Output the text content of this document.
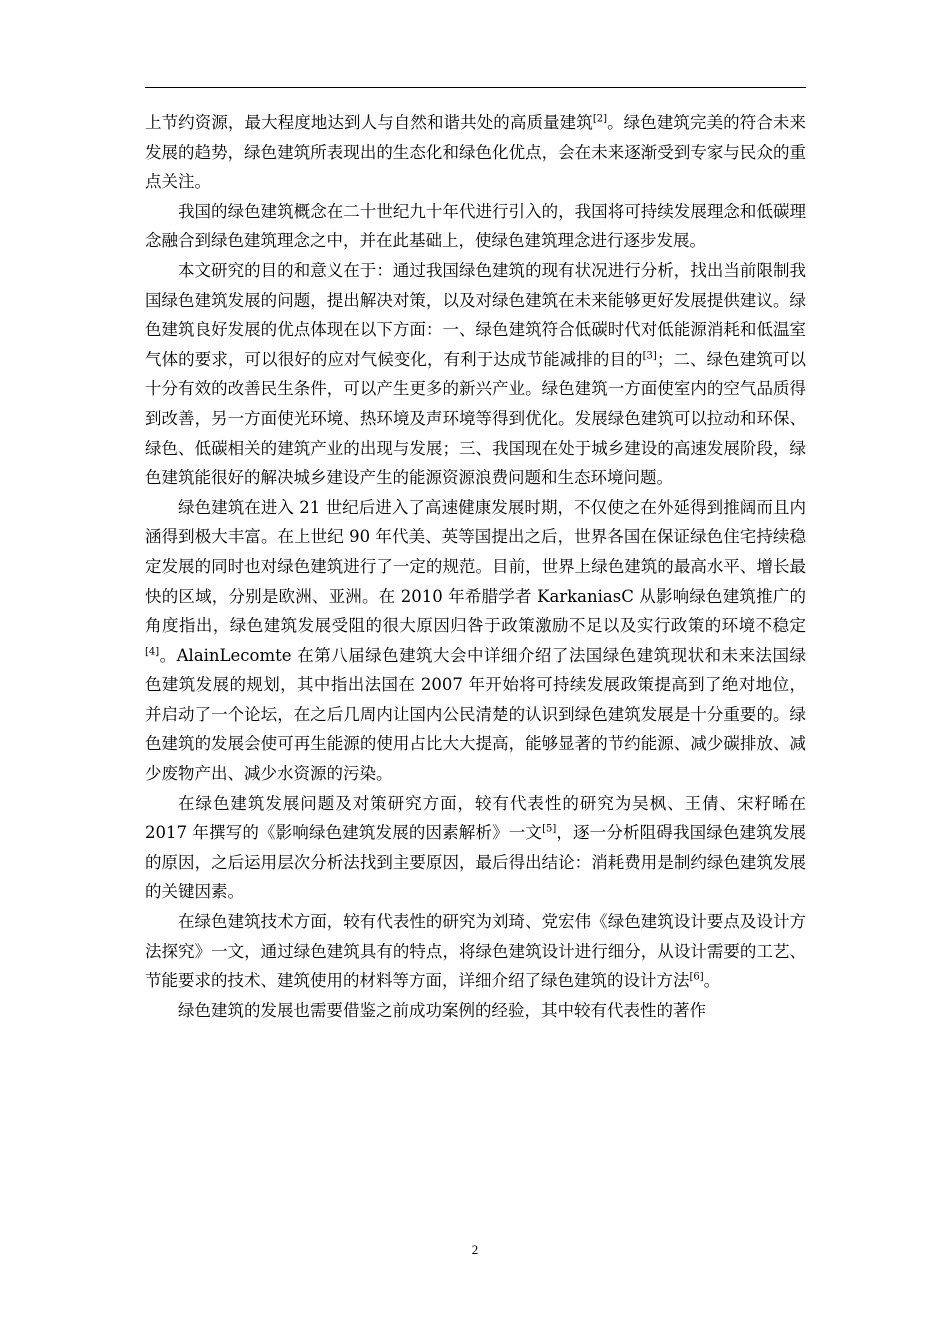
上节约资源，最大程度地达到人与自然和谐共处的高质量建筑[2]。绿色建筑完美的符合未来发展的趋势，绿色建筑所表现出的生态化和绿色化优点，会在未来逐渐受到专家与民众的重点关注。

我国的绿色建筑概念在二十世纪九十年代进行引入的，我国将可持续发展理念和低碳理念融合到绿色建筑理念之中，并在此基础上，使绿色建筑理念进行逐步发展。

本文研究的目的和意义在于：通过我国绿色建筑的现有状况进行分析，找出当前限制我国绿色建筑发展的问题，提出解决对策，以及对绿色建筑在未来能够更好发展提供建议。绿色建筑良好发展的优点体现在以下方面：一、绿色建筑符合低碳时代对低能源消耗和低温室气体的要求，可以很好的应对气候变化，有利于达成节能减排的目的[3]；二、绿色建筑可以十分有效的改善民生条件，可以产生更多的新兴产业。绿色建筑一方面使室内的空气品质得到改善，另一方面使光环境、热环境及声环境等得到优化。发展绿色建筑可以拉动和环保、绿色、低碳相关的建筑产业的出现与发展；三、我国现在处于城乡建设的高速发展阶段，绿色建筑能很好的解决城乡建设产生的能源资源浪费问题和生态环境问题。

绿色建筑在进入 21 世纪后进入了高速健康发展时期，不仅使之在外延得到推阔而且内涵得到极大丰富。在上世纪 90 年代美、英等国提出之后，世界各国在保证绿色住宅持续稳定发展的同时也对绿色建筑进行了一定的规范。目前，世界上绿色建筑的最高水平、增长最快的区域，分别是欧洲、亚洲。在 2010 年希腊学者 KarkaniasC 从影响绿色建筑推广的角度指出，绿色建筑发展受阻的很大原因归咎于政策激励不足以及实行政策的环境不稳定[4]。AlainLecomte 在第八届绿色建筑大会中详细介绍了法国绿色建筑现状和未来法国绿色建筑发展的规划，其中指出法国在 2007 年开始将可持续发展政策提高到了绝对地位，并启动了一个论坛，在之后几周内让国内公民清楚的认识到绿色建筑发展是十分重要的。绿色建筑的发展会使可再生能源的使用占比大大提高，能够显著的节约能源、减少碳排放、减少废物产出、减少水资源的污染。

在绿色建筑发展问题及对策研究方面，较有代表性的研究为吴枫、王倩、宋籽晞在 2017 年撰写的《影响绿色建筑发展的因素解析》一文[5]，逐一分析阻碍我国绿色建筑发展的原因，之后运用层次分析法找到主要原因，最后得出结论：消耗费用是制约绿色建筑发展的关键因素。

在绿色建筑技术方面，较有代表性的研究为刘琦、党宏伟《绿色建筑设计要点及设计方法探究》一文，通过绿色建筑具有的特点，将绿色建筑设计进行细分，从设计需要的工艺、节能要求的技术、建筑使用的材料等方面，详细介绍了绿色建筑的设计方法[6]。

绿色建筑的发展也需要借鉴之前成功案例的经验，其中较有代表性的著作

2
